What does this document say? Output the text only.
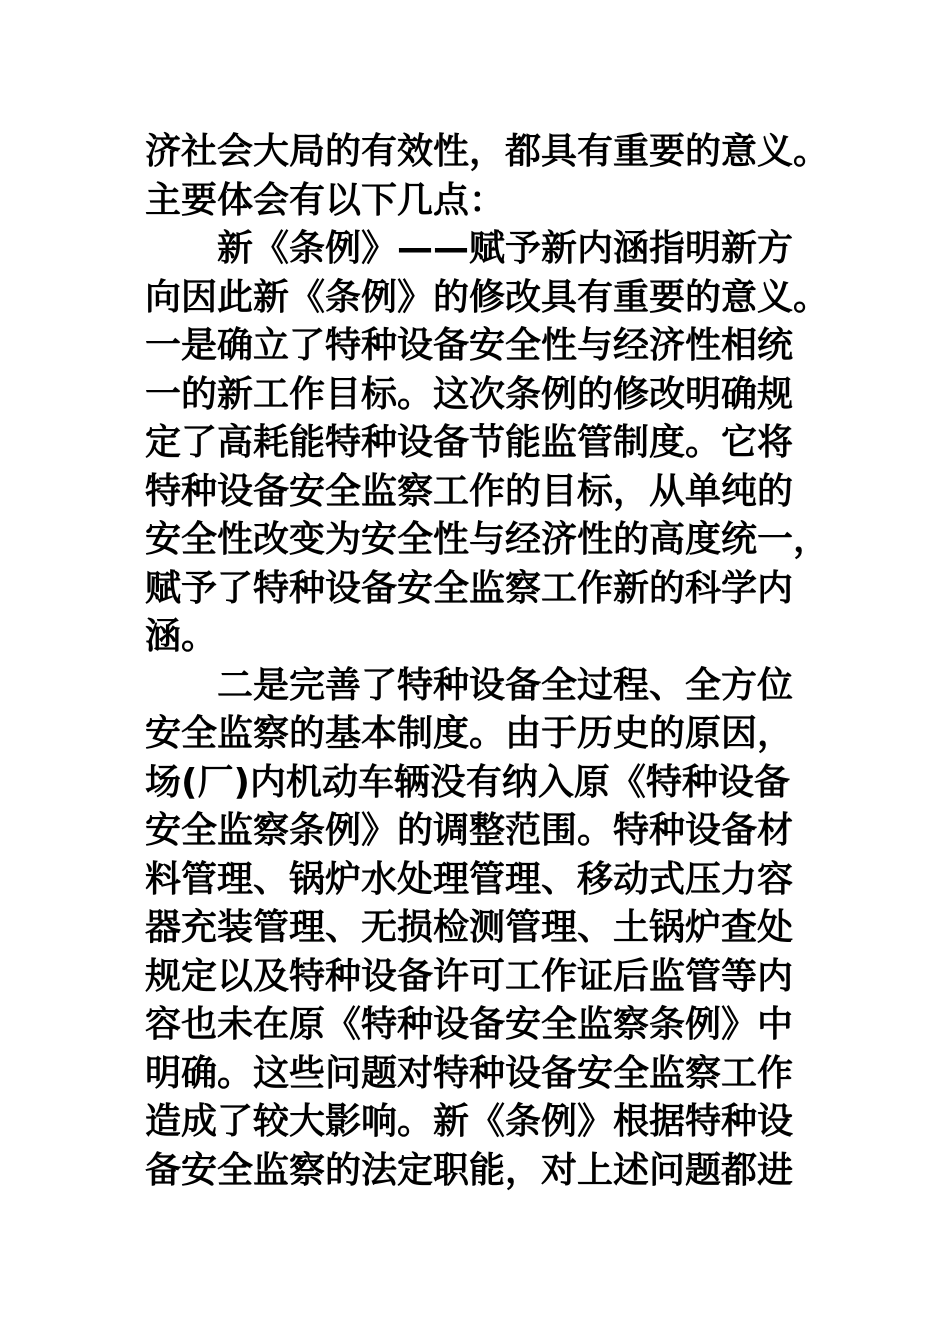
济社会大局的有效性，都具有重要的意义。
主要体会有以下几点：
　　新《条例》——赋予新内涵指明新方
向因此新《条例》的修改具有重要的意义。
一是确立了特种设备安全性与经济性相统
一的新工作目标。这次条例的修改明确规
定了高耗能特种设备节能监管制度。它将
特种设备安全监察工作的目标，从单纯的
安全性改变为安全性与经济性的高度统一，
赋予了特种设备安全监察工作新的科学内
涵。
　　二是完善了特种设备全过程、全方位
安全监察的基本制度。由于历史的原因，
场(厂)内机动车辆没有纳入原《特种设备
安全监察条例》的调整范围。特种设备材
料管理、锅炉水处理管理、移动式压力容
器充装管理、无损检测管理、土锅炉查处
规定以及特种设备许可工作证后监管等内
容也未在原《特种设备安全监察条例》中
明确。这些问题对特种设备安全监察工作
造成了较大影响。新《条例》根据特种设
备安全监察的法定职能，对上述问题都进
